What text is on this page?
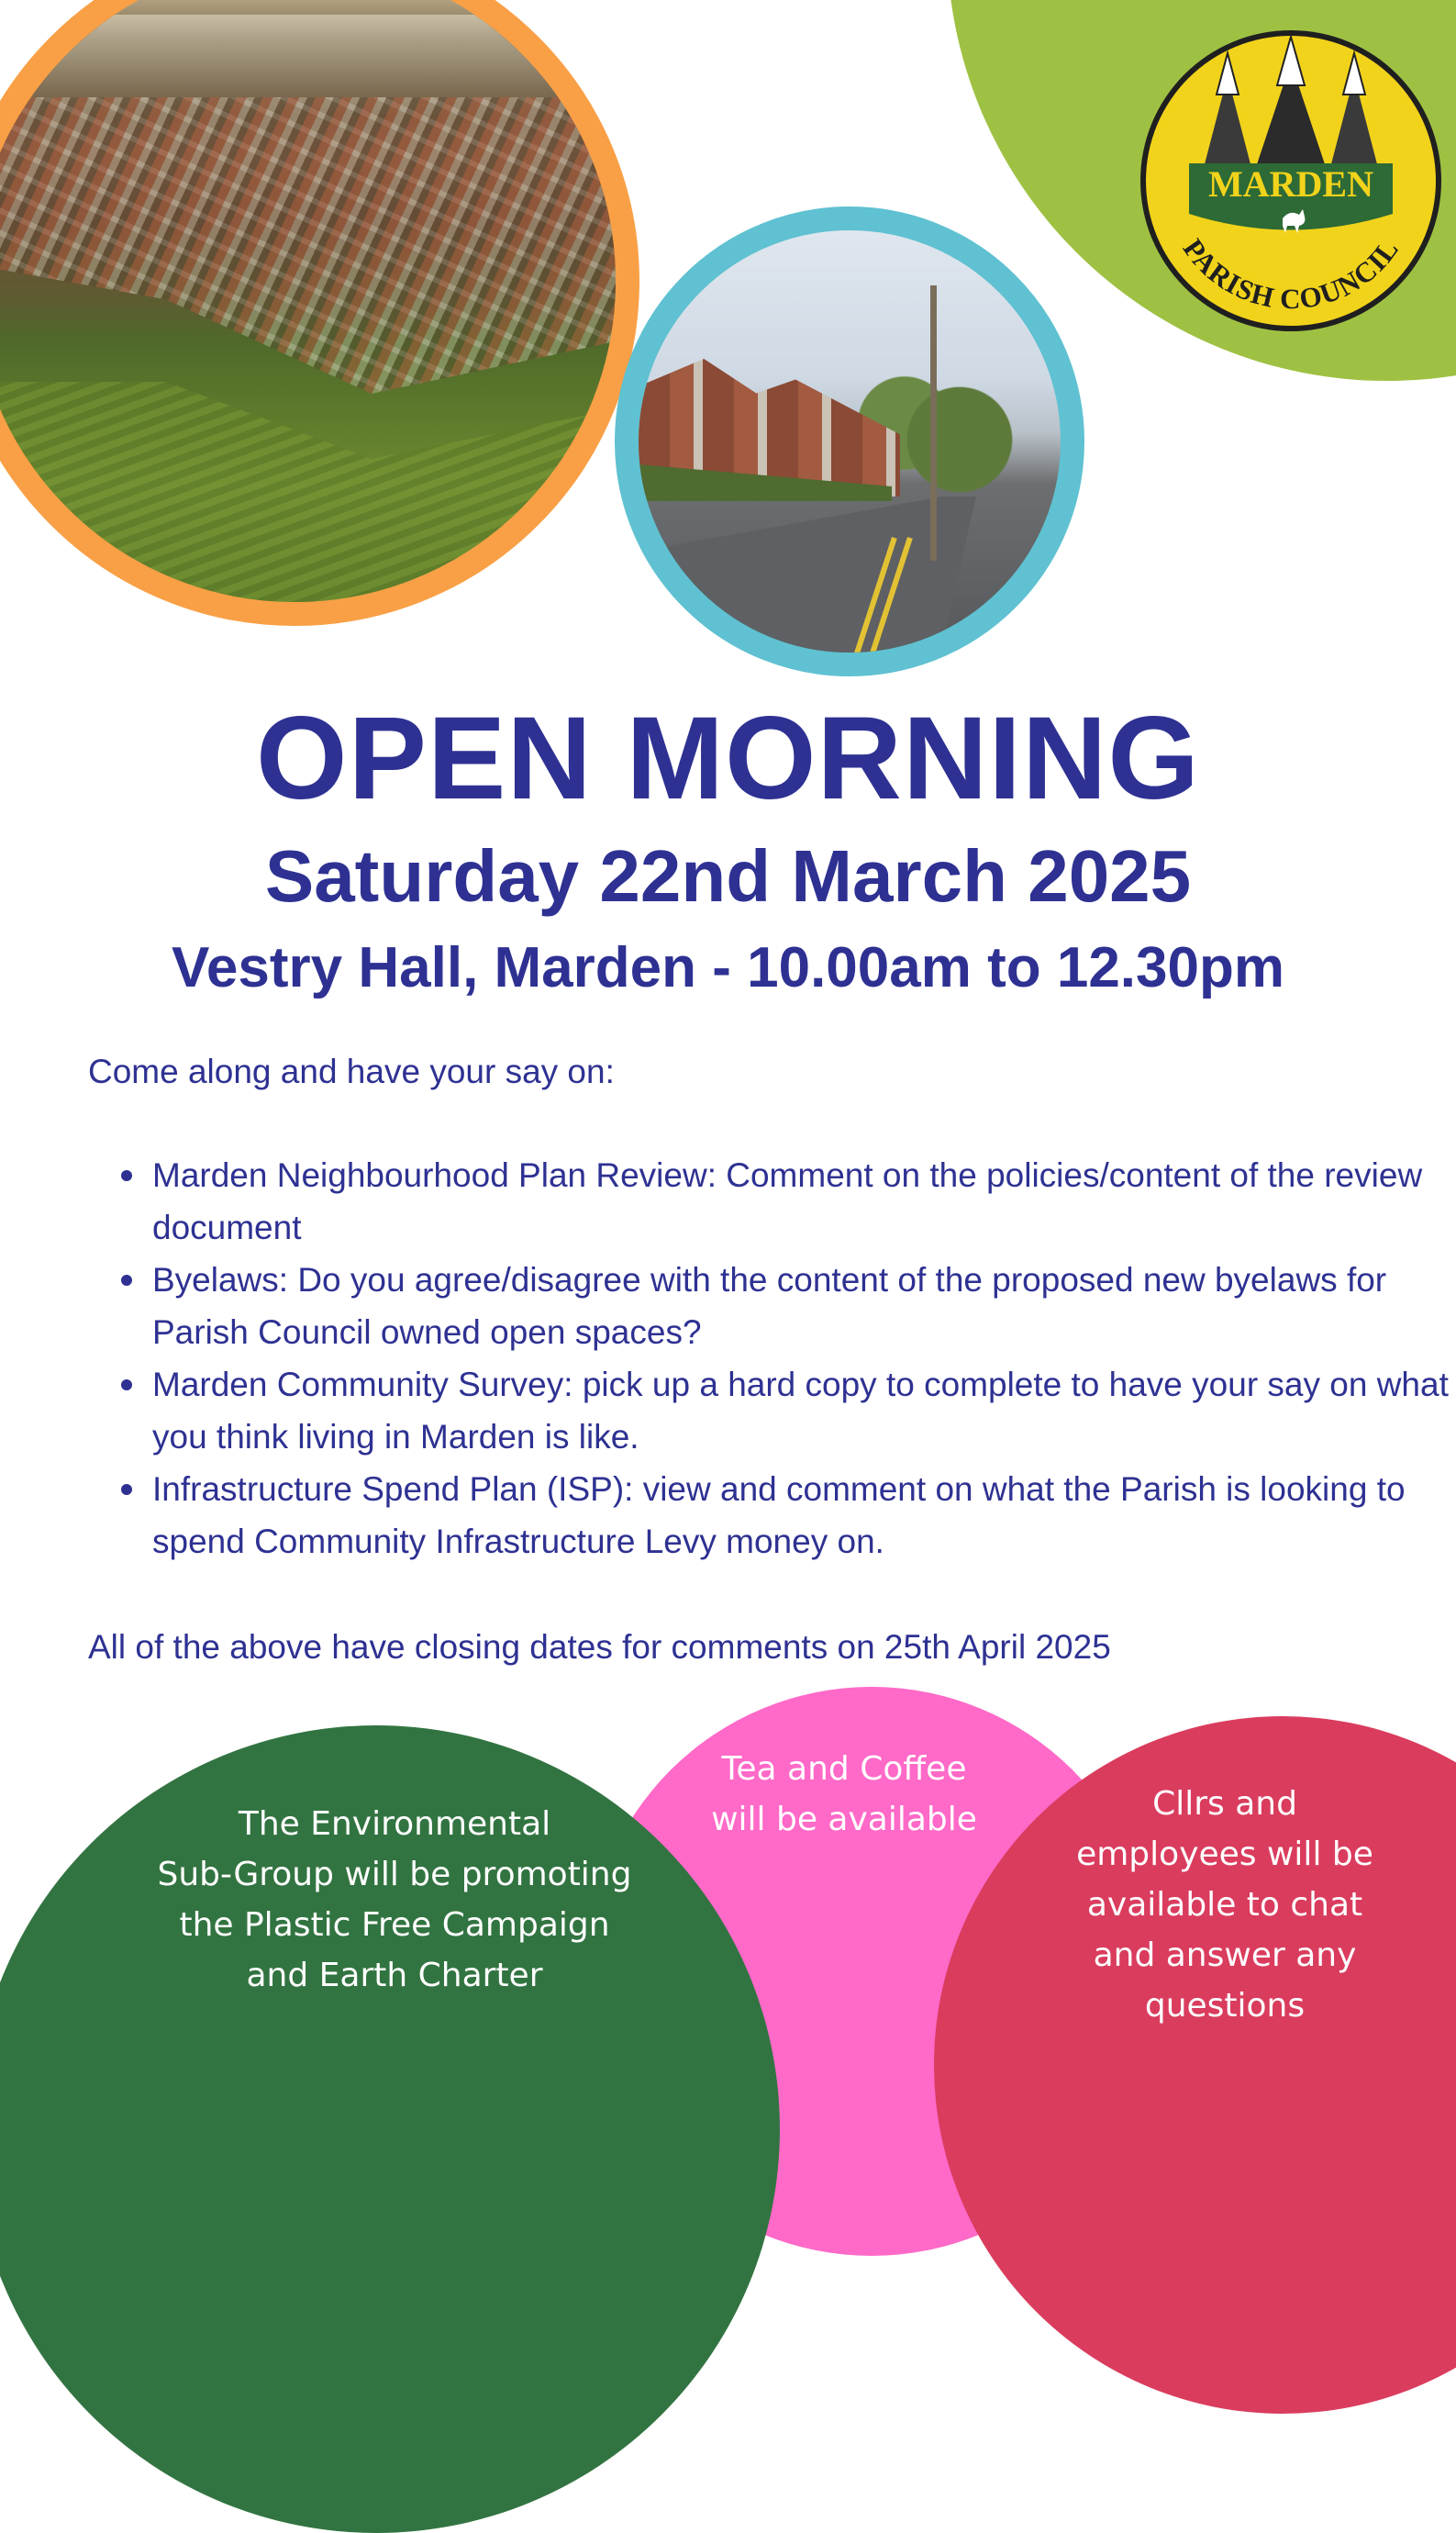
MARDEN
PARISH COUNCIL
OPEN MORNING
Saturday 22nd March 2025
Vestry Hall, Marden - 10.00am to 12.30pm
Come along and have your say on:
Marden Neighbourhood Plan Review: Comment on the policies/content of the review document
Byelaws: Do you agree/disagree with the content of the proposed new byelaws for Parish Council owned open spaces?
Marden Community Survey: pick up a hard copy to complete to have your say on what you think living in Marden is like.
Infrastructure Spend Plan (ISP): view and comment on what the Parish is looking to spend Community Infrastructure Levy money on.
All of the above have closing dates for comments on 25th April 2025
The Environmental
Sub-Group will be promoting
the Plastic Free Campaign
and Earth Charter
Tea and Coffee
will be available	Cllrs and
employees will be
available to chat
and answer any
questions
